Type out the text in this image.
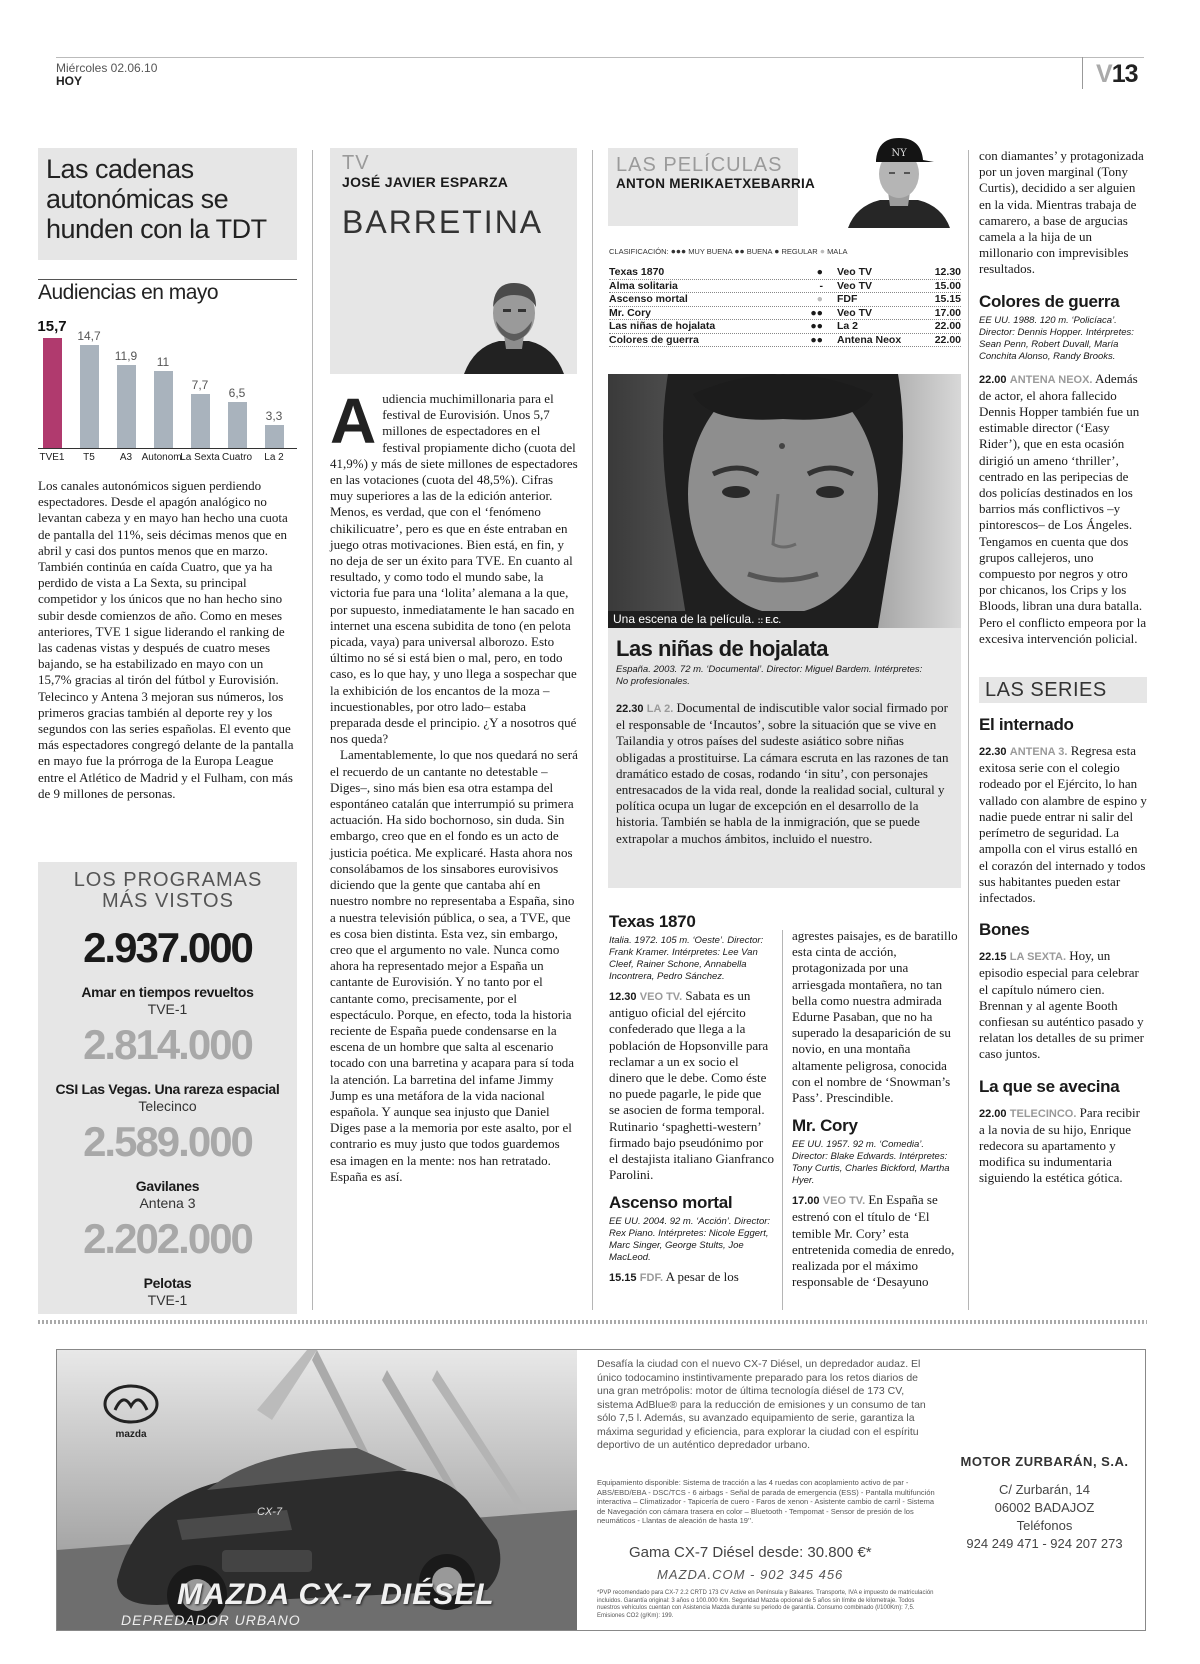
Miércoles 02.06.10
HOY	V13
Las cadenas autonómicas se hunden con la TDT
Audiencias en mayo
15,7
TVE1
14,7
T5
11,9
A3
11
Autonom.
7,7
La Sexta
6,5
Cuatro
3,3
La 2
Los canales autonómicos siguen perdiendo espectadores. Desde el apagón analógico no levantan cabeza y en mayo han hecho una cuota de pantalla del 11%, seis décimas menos que en abril y casi dos puntos menos que en marzo. También continúa en caída Cuatro, que ya ha perdido de vista a La Sexta, su principal competidor y los únicos que no han hecho sino subir desde comienzos de año. Como en meses anteriores, TVE 1 sigue liderando el ranking de las cadenas vistas y después de cuatro meses bajando, se ha estabilizado en mayo con un 15,7% gracias al tirón del fútbol y Eurovisión. Telecinco y Antena 3 mejoran sus números, los primeros gracias también al deporte rey y los segundos con las series españolas. El evento que más espectadores congregó delante de la pantalla en mayo fue la prórroga de la Europa League entre el Atlético de Madrid y el Fulham, con más de 9 millones de personas.
LOS PROGRAMAS MÁS VISTOS
2.937.000
Amar en tiempos revueltos
TVE-1
2.814.000
CSI Las Vegas. Una rareza espacial
Telecinco
2.589.000
Gavilanes
Antena 3
2.202.000
Pelotas
TVE-1
TV
JOSÉ JAVIER ESPARZA
BARRETINA
A udiencia muchimillonaria para el festival de Eurovisión. Unos 5,7 millones de espectadores en el festival propiamente dicho (cuota del 41,9%) y más de siete millones de espectadores en las votaciones (cuota del 48,5%). Cifras muy superiores a las de la edición anterior. Menos, es verdad, que con el ‘fenómeno chikilicuatre’, pero es que en éste entraban en juego otras motivaciones. Bien está, en fin, y no deja de ser un éxito para TVE. En cuanto al resultado, y como todo el mundo sabe, la victoria fue para una ‘lolita’ alemana a la que, por supuesto, inmediatamente le han sacado en internet una escena subidita de tono (en pelota picada, vaya) para universal alborozo. Esto último no sé si está bien o mal, pero, en todo caso, es lo que hay, y uno llega a sospechar que la exhibición de los encantos de la moza –incuestionables, por otro lado– estaba preparada desde el principio. ¿Y a nosotros qué nos queda?

Lamentablemente, lo que nos quedará no será el recuerdo de un cantante no detestable –Diges–, sino más bien esa otra estampa del espontáneo catalán que interrumpió su primera actuación. Ha sido bochornoso, sin duda. Sin embargo, creo que en el fondo es un acto de justicia poética. Me explicaré. Hasta ahora nos consolábamos de los sinsabores eurovisivos diciendo que la gente que cantaba ahí en nuestro nombre no representaba a España, sino a nuestra televisión pública, o sea, a TVE, que es cosa bien distinta. Esta vez, sin embargo, creo que el argumento no vale. Nunca como ahora ha representado mejor a España un cantante de Eurovisión. Y no tanto por el cantante como, precisamente, por el espectáculo. Porque, en efecto, toda la historia reciente de España puede condensarse en la escena de un hombre que salta al escenario tocado con una barretina y acapara para sí toda la atención. La barretina del infame Jimmy Jump es una metáfora de la vida nacional española. Y aunque sea injusto que Daniel Diges pase a la memoria por este asalto, por el contrario es muy justo que todos guardemos esa imagen en la mente: nos han retratado. España es así.

LAS PELÍCULAS
ANTON MERIKAETXEBARRIA
NY
CLASIFICACIÓN: ●●● MUY BUENA ●● BUENA ● REGULAR ● MALA
Texas 1870	●	Veo TV	12.30
Alma solitaria	-	Veo TV	15.00
Ascenso mortal	●	FDF	15.15
Mr. Cory	●●	Veo TV	17.00
Las niñas de hojalata	●●	La 2	22.00
Colores de guerra	●●	Antena Neox	22.00
Una escena de la película. :: E.C.
Las niñas de hojalata
España. 2003. 72 m. ‘Documental’. Director: Miguel Bardem. Intérpretes: No profesionales.
22.30 LA 2. Documental de indiscutible valor social firmado por el responsable de ‘Incautos’, sobre la situación que se vive en Tailandia y otros países del sudeste asiático sobre niñas obligadas a prostituirse. La cámara escruta en las razones de tan dramático estado de cosas, rodando ‘in situ’, con personajes entresacados de la vida real, donde la realidad social, cultural y política ocupa un lugar de excepción en el desarrollo de la historia. También se habla de la inmigración, que se puede extrapolar a muchos ámbitos, incluido el nuestro.
Texas 1870
Italia. 1972. 105 m. ‘Oeste’. Director: Frank Kramer. Intérpretes: Lee Van Cleef, Rainer Schone, Annabella Incontrera, Pedro Sánchez.
12.30 VEO TV. Sabata es un antiguo oficial del ejército confederado que llega a la población de Hopsonville para reclamar a un ex socio el dinero que le debe. Como éste no puede pagarle, le pide que se asocien de forma temporal. Rutinario ‘spaghetti-western’ firmado bajo pseudónimo por el destajista italiano Gianfranco Parolini.
Ascenso mortal
EE UU. 2004. 92 m. ‘Acción’. Director: Rex Piano. Intérpretes: Nicole Eggert, Marc Singer, George Stults, Joe MacLeod.
15.15 FDF. A pesar de los
agrestes paisajes, es de baratillo esta cinta de acción, protagonizada por una arriesgada montañera, no tan bella como nuestra admirada Edurne Pasaban, que no ha superado la desaparición de su novio, en una montaña altamente peligrosa, conocida con el nombre de ‘Snowman’s Pass’. Prescindible.
Mr. Cory
EE UU. 1957. 92 m. ‘Comedia’. Director: Blake Edwards. Intérpretes: Tony Curtis, Charles Bickford, Martha Hyer.
17.00 VEO TV. En España se estrenó con el título de ‘El temible Mr. Cory’ esta entretenida comedia de enredo, realizada por el máximo responsable de ‘Desayuno
con diamantes’ y protagonizada por un joven marginal (Tony Curtis), decidido a ser alguien en la vida. Mientras trabaja de camarero, a base de argucias camela a la hija de un millonario con imprevisibles resultados.
Colores de guerra
EE UU. 1988. 120 m. ‘Policíaca’. Director: Dennis Hopper. Intérpretes: Sean Penn, Robert Duvall, María Conchita Alonso, Randy Brooks.
22.00 ANTENA NEOX. Además de actor, el ahora fallecido Dennis Hopper también fue un estimable director (‘Easy Rider’), que en esta ocasión dirigió un ameno ‘thriller’, centrado en las peripecias de dos policías destinados en los barrios más conflictivos –y pintorescos– de Los Ángeles. Tengamos en cuenta que dos grupos callejeros, uno compuesto por negros y otro por chicanos, los Crips y los Bloods, libran una dura batalla. Pero el conflicto empeora por la excesiva intervención policial.
LAS SERIES
El internado
22.30 ANTENA 3. Regresa esta exitosa serie con el colegio rodeado por el Ejército, lo han vallado con alambre de espino y nadie puede entrar ni salir del perímetro de seguridad. La ampolla con el virus estalló en el corazón del internado y todos sus habitantes pueden estar infectados.
Bones
22.15 LA SEXTA. Hoy, un episodio especial para celebrar el capítulo número cien. Brennan y al agente Booth confiesan su auténtico pasado y relatan los detalles de su primer caso juntos.
La que se avecina
22.00 TELECINCO. Para recibir a la novia de su hijo, Enrique redecora su apartamento y modifica su indumentaria siguiendo la estética gótica.
mazda
CX-7
MAZDA CX-7 DIÉSEL
DEPREDADOR URBANO
Desafía la ciudad con el nuevo CX-7 Diésel, un depredador audaz. El único todocamino instintivamente preparado para los retos diarios de una gran metrópolis: motor de última tecnología diésel de 173 CV, sistema AdBlue® para la reducción de emisiones y un consumo de tan sólo 7,5 l. Además, su avanzado equipamiento de serie, garantiza la máxima seguridad y eficiencia, para explorar la ciudad con el espíritu deportivo de un auténtico depredador urbano.
Equipamiento disponible: Sistema de tracción a las 4 ruedas con acoplamiento activo de par - ABS/EBD/EBA - DSC/TCS - 6 airbags - Señal de parada de emergencia (ESS) - Pantalla multifunción interactiva – Climatizador - Tapicería de cuero - Faros de xenon - Asistente cambio de carril - Sistema de Navegación con cámara trasera en color – Bluetooth - Tempomat - Sensor de presión de los neumáticos - Llantas de aleación de hasta 19’’.
Gama CX-7 Diésel desde: 30.800 €*
MAZDA.COM - 902 345 456
*PVP recomendado para CX-7 2.2 CRTD 173 CV Active en Península y Baleares. Transporte, IVA e impuesto de matriculación incluidos. Garantía original: 3 años o 100.000 Km. Seguridad Mazda opcional de 5 años sin límite de kilometraje. Todos nuestros vehículos cuentan con Asistencia Mazda durante su periodo de garantía. Consumo combinado (l/100Km): 7,5. Emisiones CO2 (g/Km): 199.
MOTOR ZURBARÁN, S.A.
C/ Zurbarán, 14
06002 BADAJOZ
Teléfonos
924 249 471 - 924 207 273
